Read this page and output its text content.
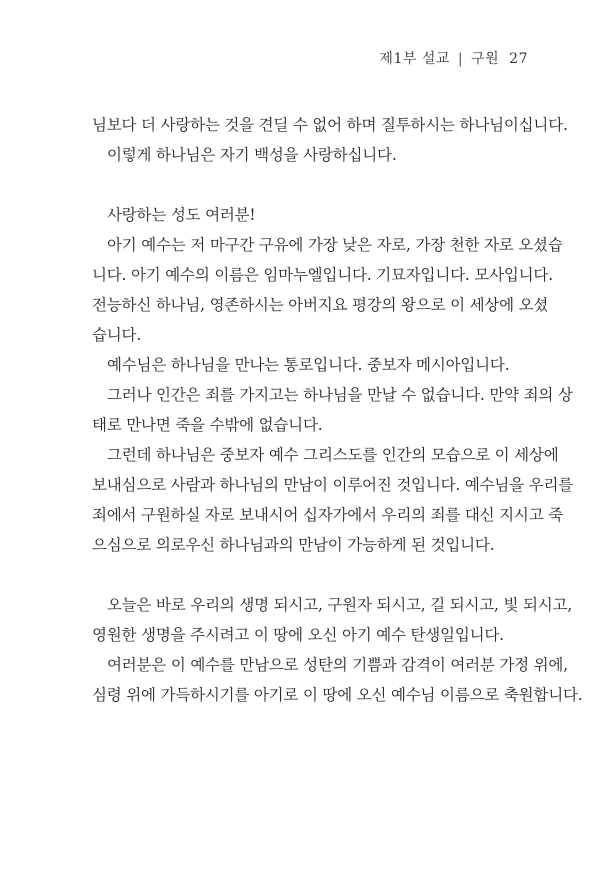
제1부 설교 | 구원 27
님보다 더 사랑하는 것을 견딜 수 없어 하며 질투하시는 하나님이십니다.
이렇게 하나님은 자기 백성을 사랑하십니다.
사랑하는 성도 여러분!
아기 예수는 저 마구간 구유에 가장 낮은 자로, 가장 천한 자로 오셨습
니다. 아기 예수의 이름은 임마누엘입니다. 기묘자입니다. 모사입니다.
전능하신 하나님, 영존하시는 아버지요 평강의 왕으로 이 세상에 오셨
습니다.
예수님은 하나님을 만나는 통로입니다. 중보자 메시아입니다.
그러나 인간은 죄를 가지고는 하나님을 만날 수 없습니다. 만약 죄의 상
태로 만나면 죽을 수밖에 없습니다.
그런데 하나님은 중보자 예수 그리스도를 인간의 모습으로 이 세상에
보내심으로 사람과 하나님의 만남이 이루어진 것입니다. 예수님을 우리를
죄에서 구원하실 자로 보내시어 십자가에서 우리의 죄를 대신 지시고 죽
으심으로 의로우신 하나님과의 만남이 가능하게 된 것입니다.
오늘은 바로 우리의 생명 되시고, 구원자 되시고, 길 되시고, 빛 되시고,
영원한 생명을 주시려고 이 땅에 오신 아기 예수 탄생일입니다.
여러분은 이 예수를 만남으로 성탄의 기쁨과 감격이 여러분 가정 위에,
심령 위에 가득하시기를 아기로 이 땅에 오신 예수님 이름으로 축원합니다.
